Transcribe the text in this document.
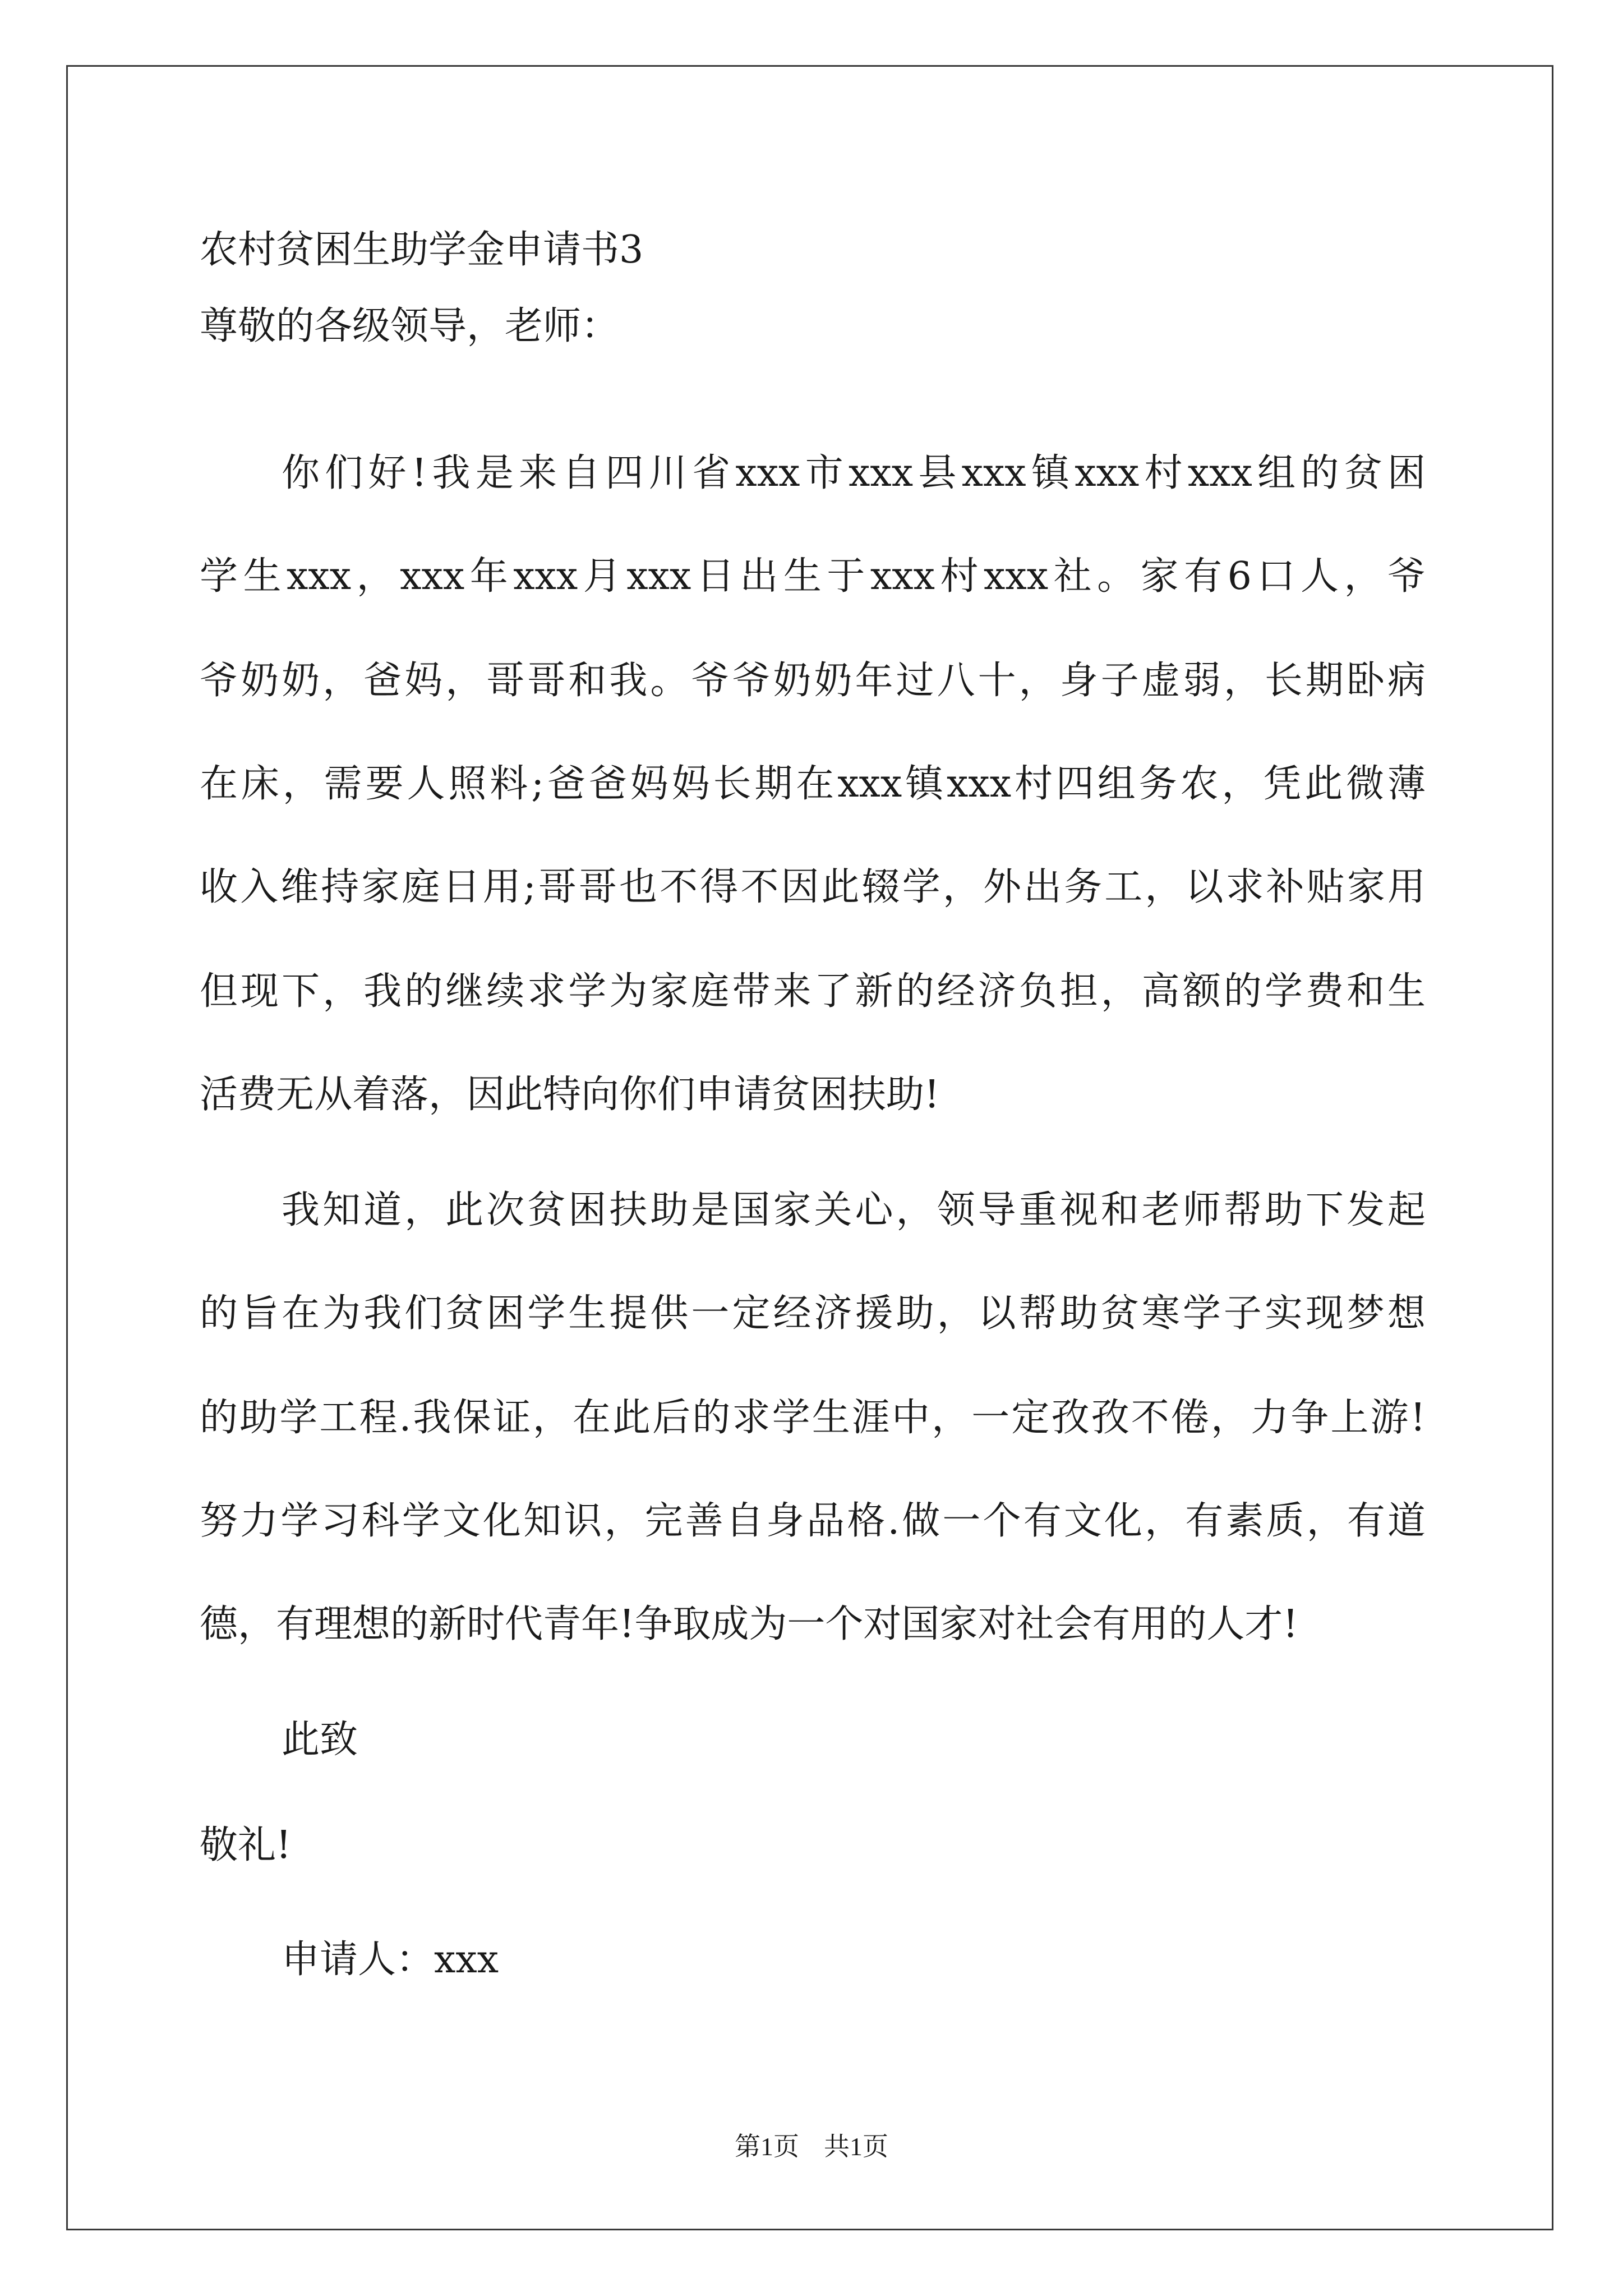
农村贫困生助学金申请书3
尊敬的各级领导，老师：
你们好!我是来自四川省xxx市xxx县xxx镇xxx村xxx组的贫困
学生xxx，xxx年xxx月xxx日出生于xxx村xxx社。家有6口人，爷
爷奶奶，爸妈，哥哥和我。爷爷奶奶年过八十，身子虚弱，长期卧病
在床，需要人照料;爸爸妈妈长期在xxx镇xxx村四组务农，凭此微薄
收入维持家庭日用;哥哥也不得不因此辍学，外出务工，以求补贴家用
但现下，我的继续求学为家庭带来了新的经济负担，高额的学费和生
活费无从着落，因此特向你们申请贫困扶助!
我知道，此次贫困扶助是国家关心，领导重视和老师帮助下发起
的旨在为我们贫困学生提供一定经济援助，以帮助贫寒学子实现梦想
的助学工程.我保证，在此后的求学生涯中，一定孜孜不倦，力争上游!
努力学习科学文化知识，完善自身品格.做一个有文化，有素质，有道
德，有理想的新时代青年!争取成为一个对国家对社会有用的人才!
此致
敬礼!
申请人：xxx
第1页 共1页
